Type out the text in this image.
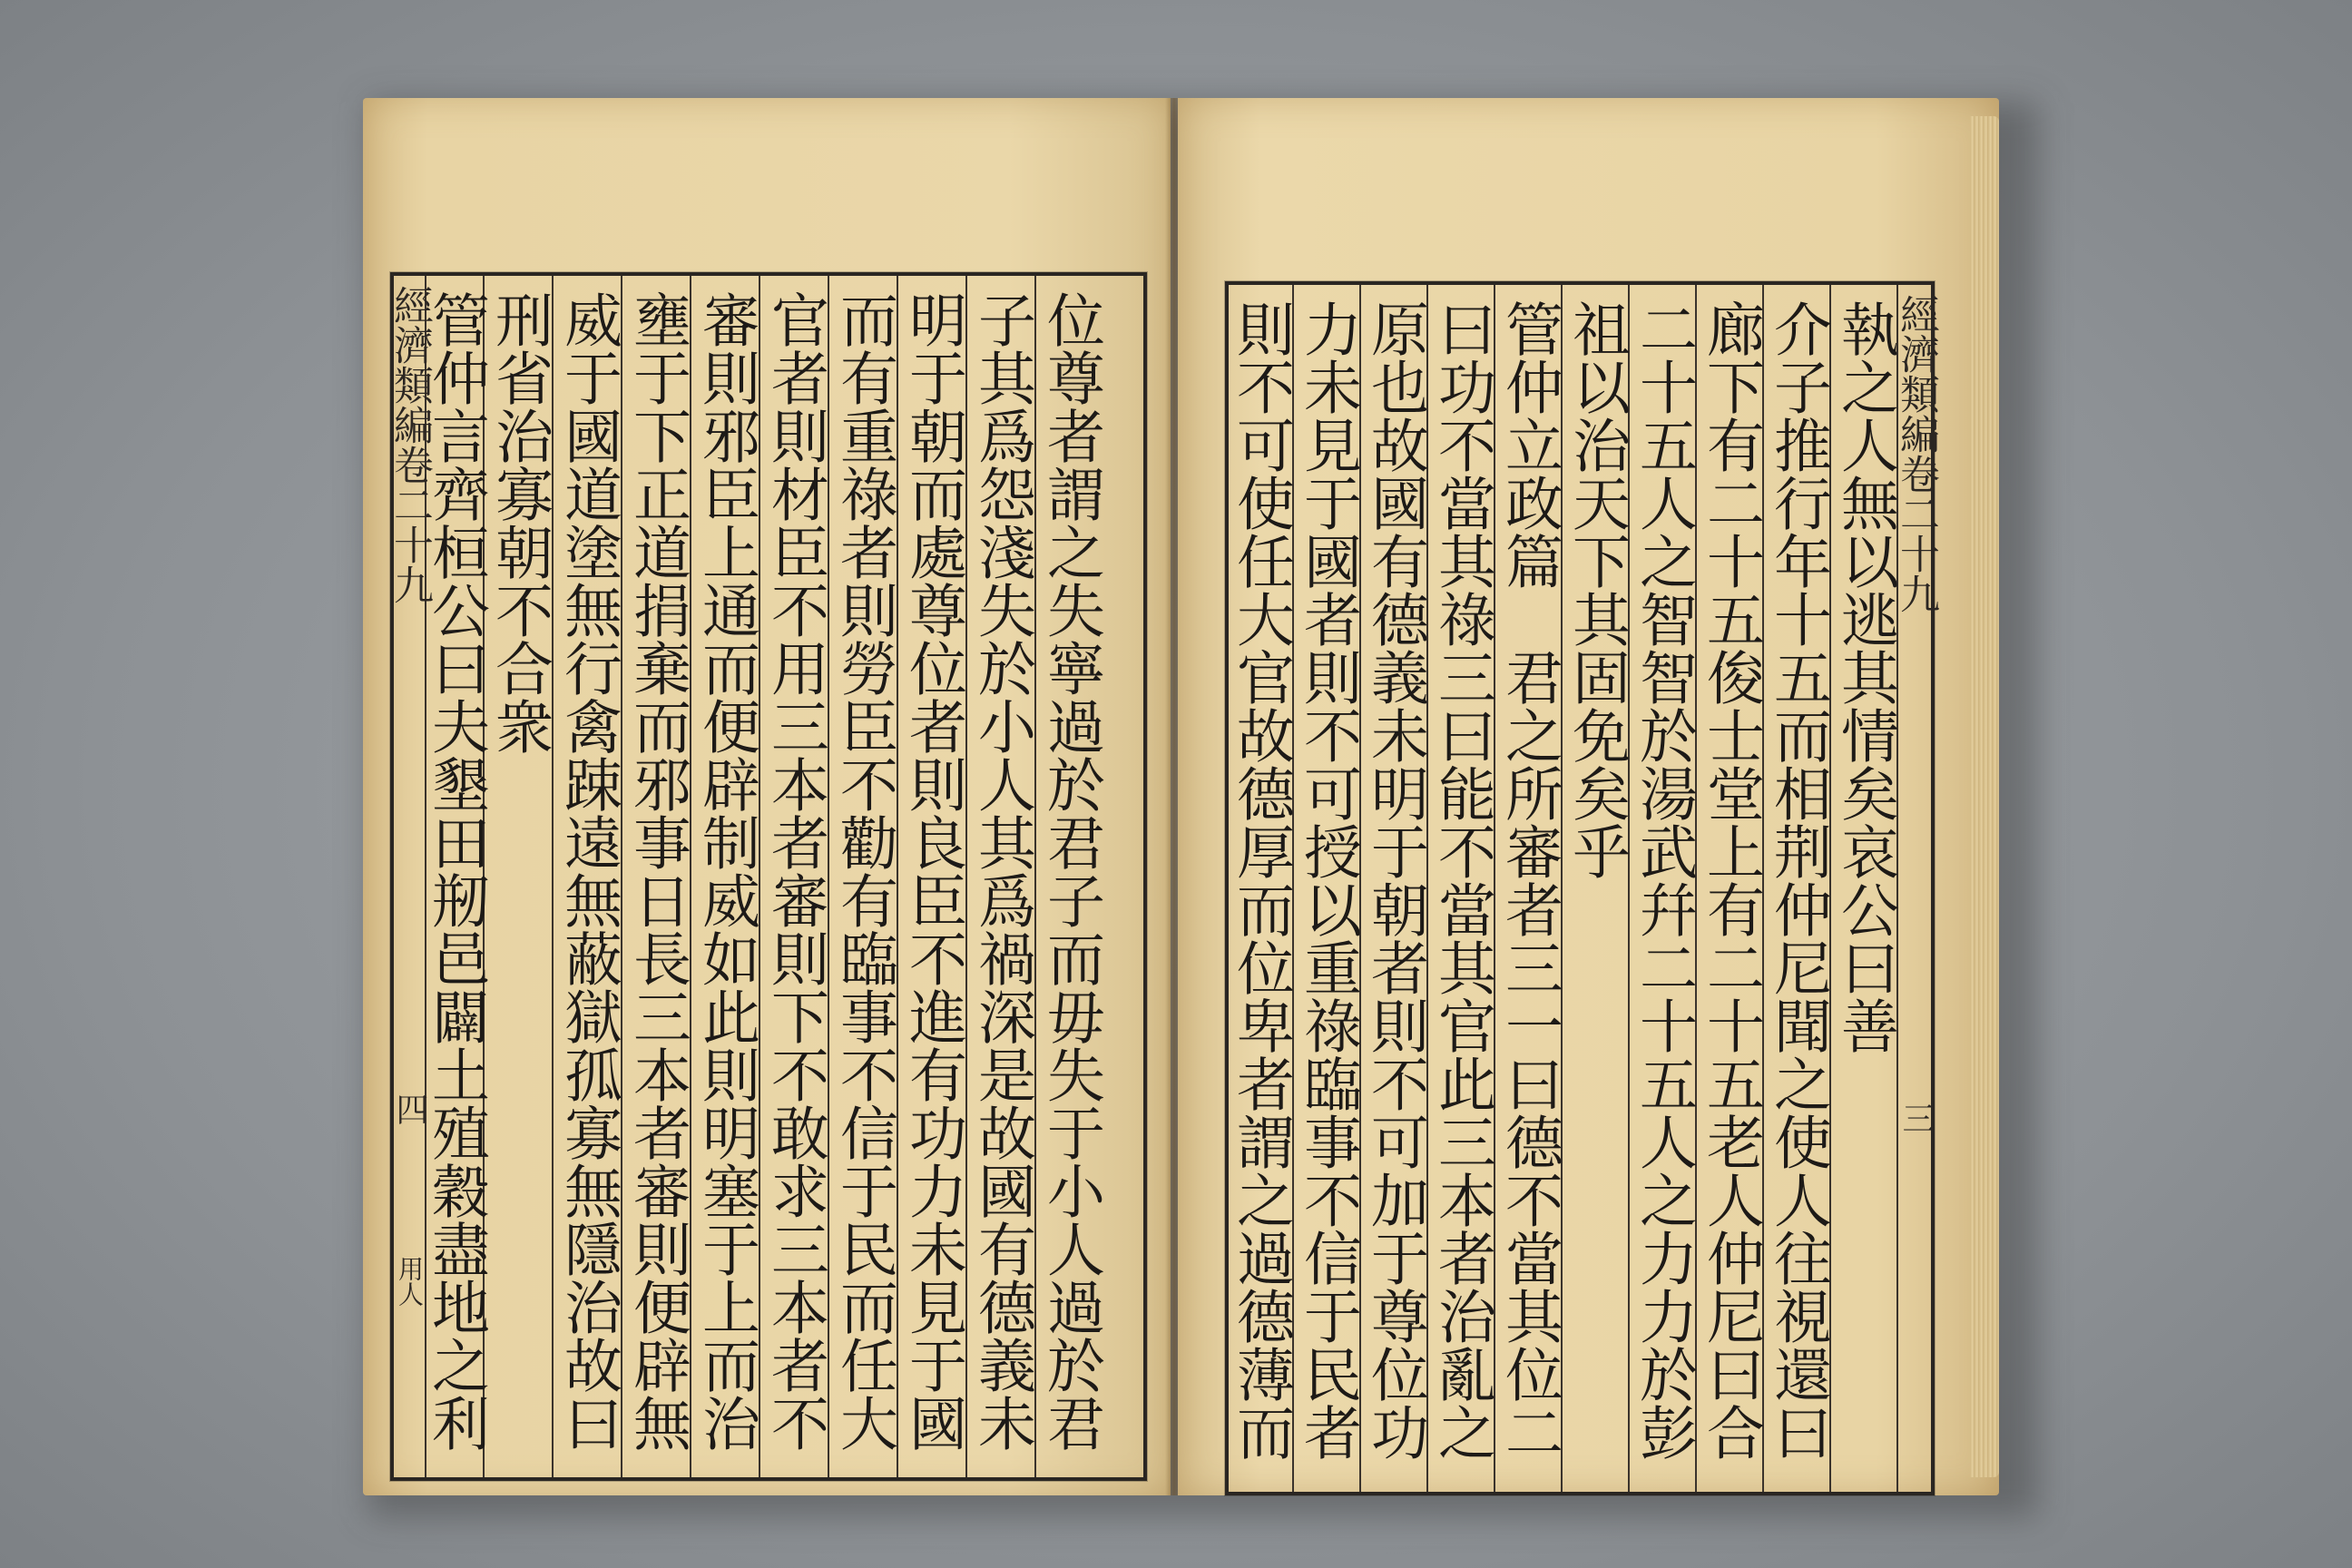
位尊者謂之失寧過於君子而毋失于小人過於君
子其爲怨淺失於小人其爲禍深是故國有德義未
明于朝而處尊位者則良臣不進有功力未見于國
而有重祿者則勞臣不勸有臨事不信于民而任大
官者則材臣不用三本者審則下不敢求三本者不
審則邪臣上通而便辟制威如此則明塞于上而治
壅于下正道捐棄而邪事日長三本者審則便辟無
威于國道塗無行禽踈遠無蔽獄孤寡無隱治故曰
刑省治寡朝不合衆
管仲言齊桓公曰夫墾田剏邑闢土殖穀盡地之利
經濟類編卷二十九
四
用人
經濟類編卷二十九
三
執之人無以逃其情矣哀公曰善
介子推行年十五而相荆仲尼聞之使人往視還曰
廊下有二十五俊士堂上有二十五老人仲尼曰合
二十五人之智智於湯武幷二十五人之力力於彭
祖以治天下其固免矣乎
管仲立政篇　君之所審者三一曰德不當其位二
曰功不當其祿三曰能不當其官此三本者治亂之
原也故國有德義未明于朝者則不可加于尊位功
力未見于國者則不可授以重祿臨事不信于民者
則不可使任大官故德厚而位卑者謂之過德薄而
